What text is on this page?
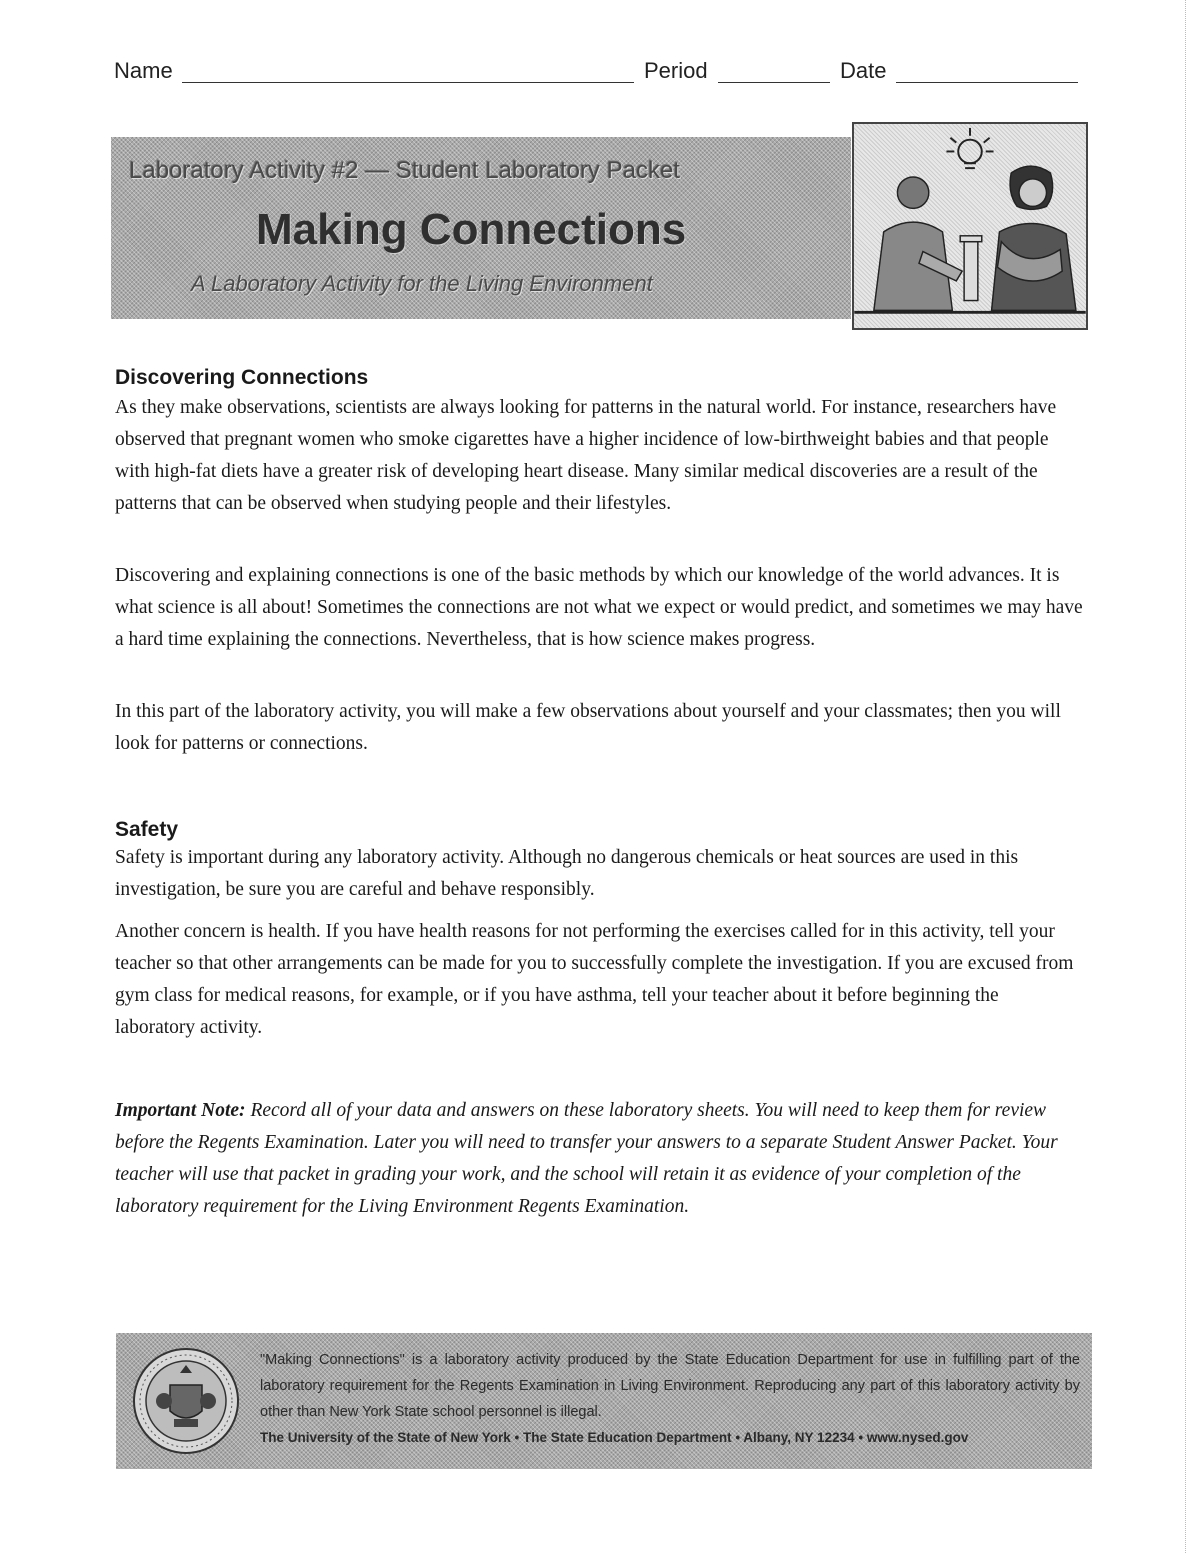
Name	Period	Date
Laboratory Activity #2 — Student Laboratory Packet
Making Connections
A Laboratory Activity for the Living Environment
Discovering Connections

As they make observations, scientists are always looking for patterns in the natural world. For instance, researchers have observed that pregnant women who smoke cigarettes have a higher incidence of low-birthweight babies and that people with high-fat diets have a greater risk of developing heart disease. Many similar medical discoveries are a result of the patterns that can be observed when studying people and their lifestyles.

Discovering and explaining connections is one of the basic methods by which our knowledge of the world advances. It is what science is all about! Sometimes the connections are not what we expect or would predict, and sometimes we may have a hard time explaining the connections. Nevertheless, that is how science makes progress.

In this part of the laboratory activity, you will make a few observations about yourself and your classmates; then you will look for patterns or connections.

Safety

Safety is important during any laboratory activity. Although no dangerous chemicals or heat sources are used in this investigation, be sure you are careful and behave responsibly.

Another concern is health. If you have health reasons for not performing the exercises called for in this activity, tell your teacher so that other arrangements can be made for you to successfully complete the investigation. If you are excused from gym class for medical reasons, for example, or if you have asthma, tell your teacher about it before beginning the laboratory activity.

Important Note: Record all of your data and answers on these laboratory sheets. You will need to keep them for review before the Regents Examination. Later you will need to transfer your answers to a separate Student Answer Packet. Your teacher will use that packet in grading your work, and the school will retain it as evidence of your completion of the laboratory requirement for the Living Environment Regents Examination.

"Making Connections" is a laboratory activity produced by the State Education Department for use in fulfilling part of the laboratory requirement for the Regents Examination in Living Environment. Reproducing any part of this laboratory activity by other than New York State school personnel is illegal.
The University of the State of New York • The State Education Department • Albany, NY 12234 • www.nysed.gov
